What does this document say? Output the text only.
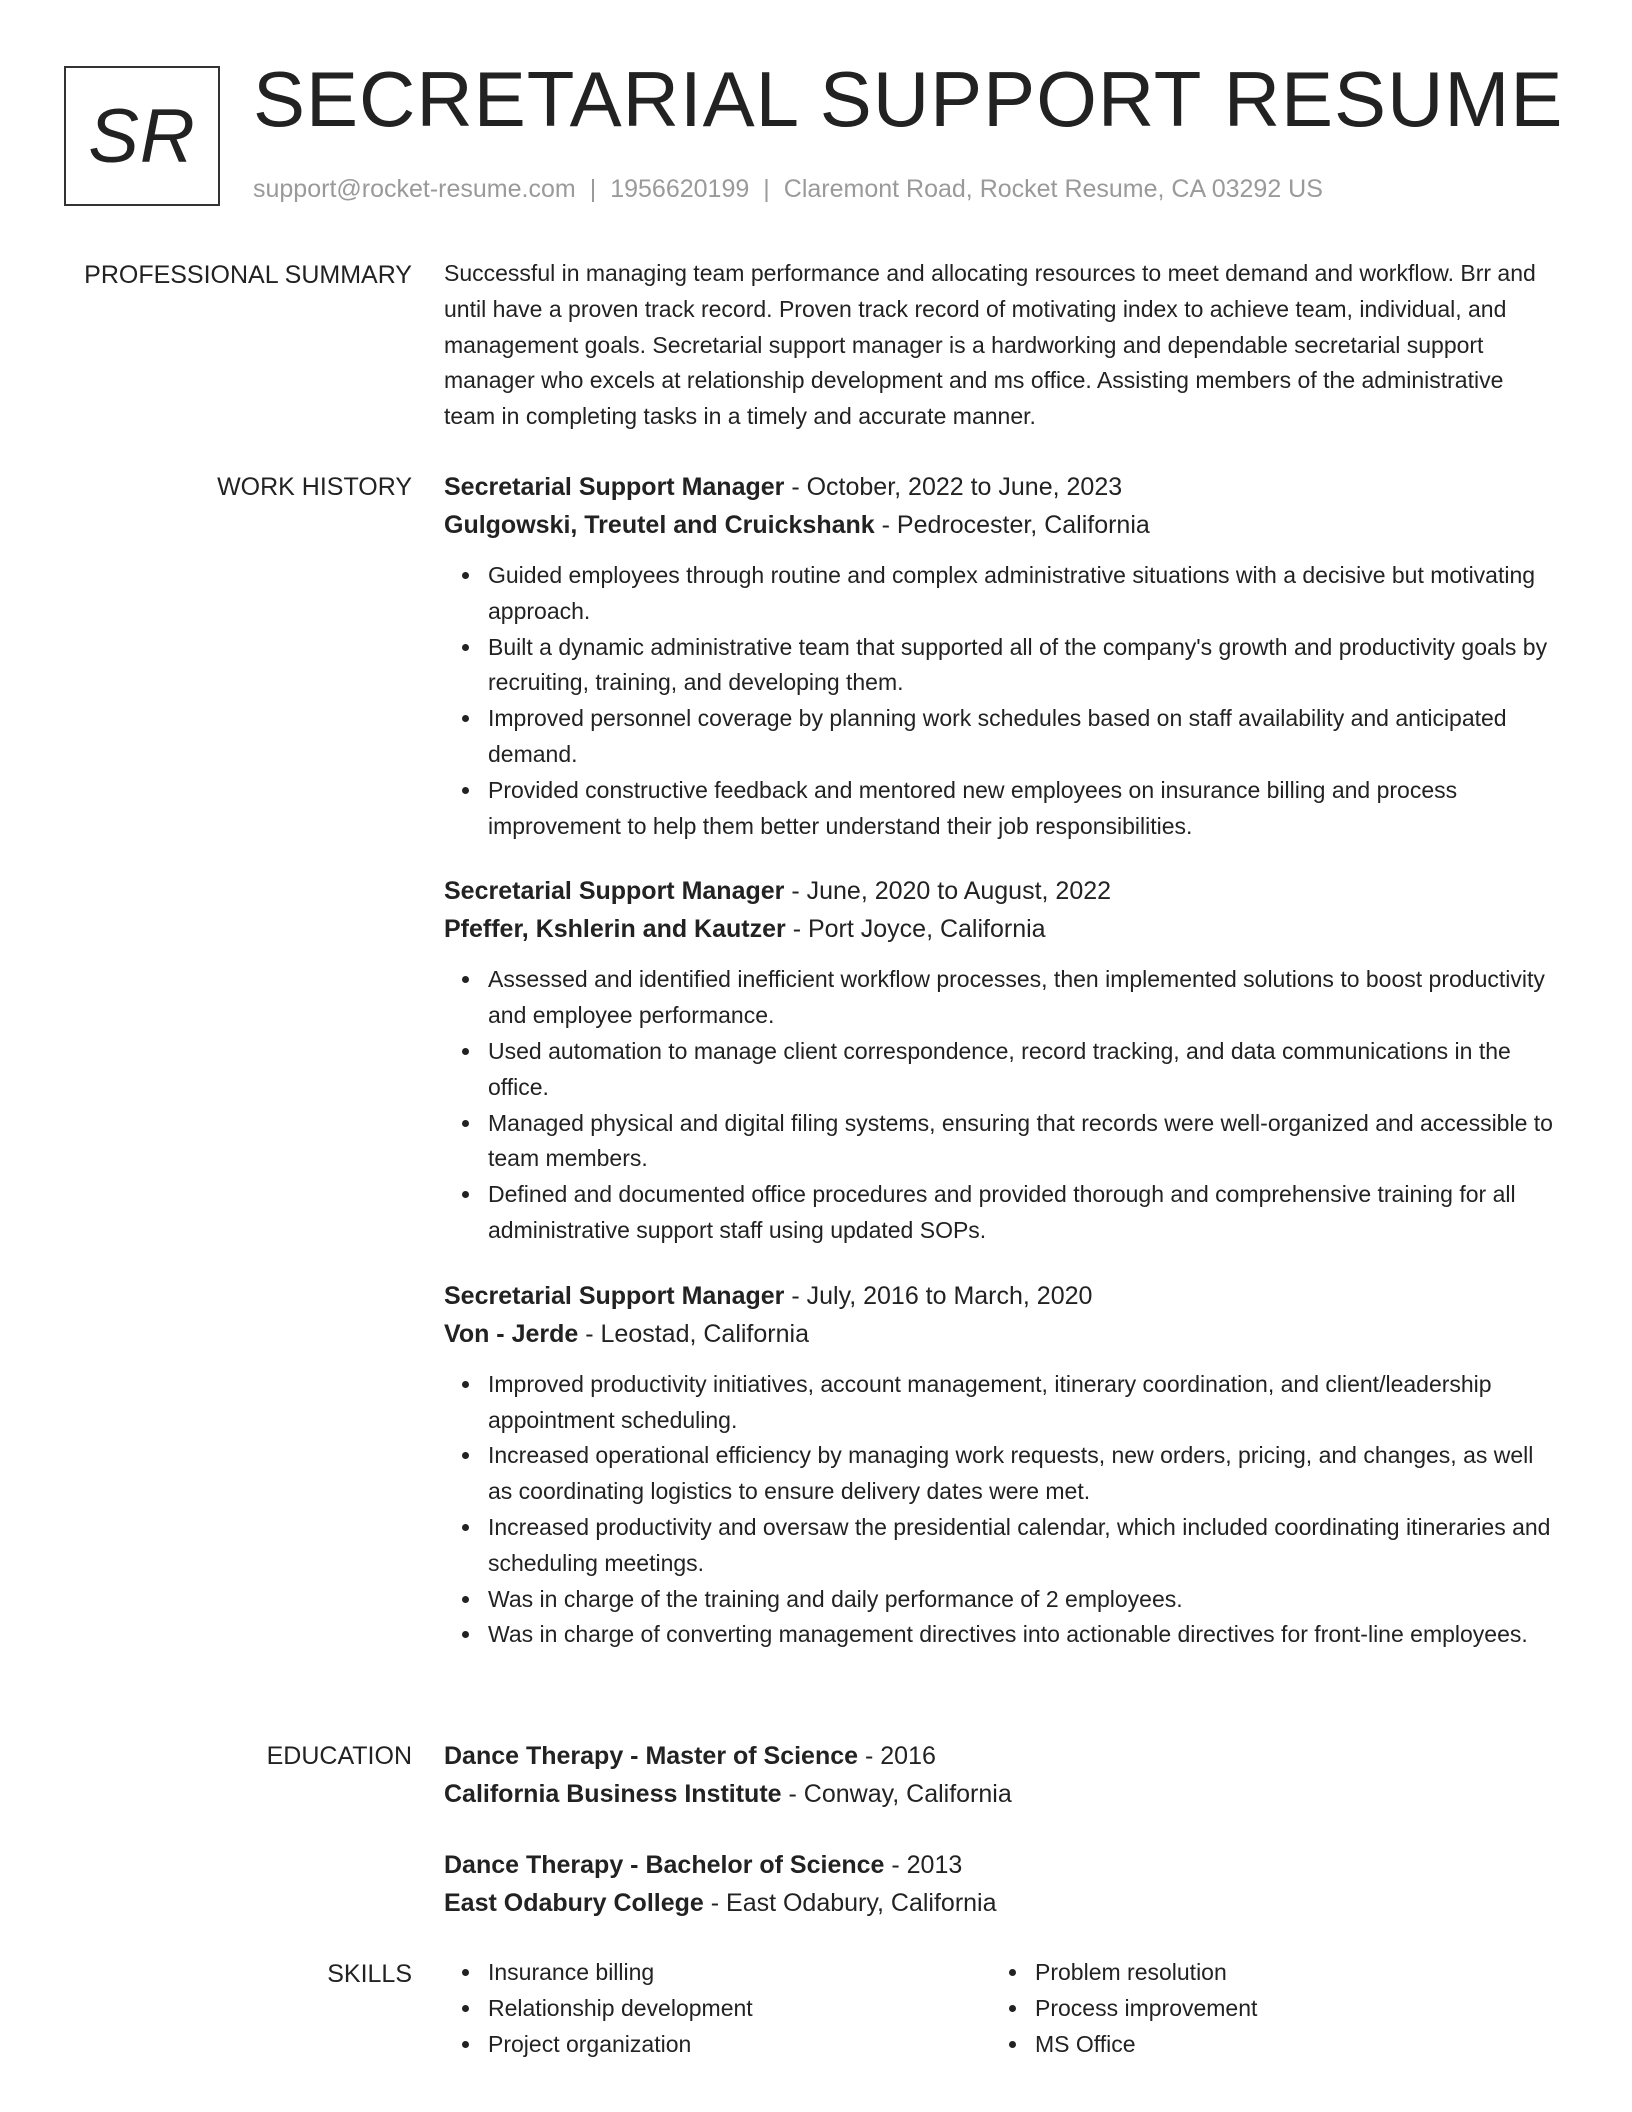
SR SECRETARIAL SUPPORT RESUME
support@rocket-resume.com | 1956620199 | Claremont Road, Rocket Resume, CA 03292 US
PROFESSIONAL SUMMARY Successful in managing team performance and allocating resources to meet demand and workflow. Brr and until have a proven track record. Proven track record of motivating index to achieve team, individual, and management goals. Secretarial support manager is a hardworking and dependable secretarial support manager who excels at relationship development and ms office. Assisting members of the administrative team in completing tasks in a timely and accurate manner.

WORK HISTORY Secretarial Support Manager - October, 2022 to June, 2023

Gulgowski, Treutel and Cruickshank - Pedrocester, California

Guided employees through routine and complex administrative situations with a decisive but motivating approach.
Built a dynamic administrative team that supported all of the company's growth and productivity goals by recruiting, training, and developing them.
Improved personnel coverage by planning work schedules based on staff availability and anticipated demand.
Provided constructive feedback and mentored new employees on insurance billing and process improvement to help them better understand their job responsibilities.

Secretarial Support Manager - June, 2020 to August, 2022

Pfeffer, Kshlerin and Kautzer - Port Joyce, California

Assessed and identified inefficient workflow processes, then implemented solutions to boost productivity and employee performance.
Used automation to manage client correspondence, record tracking, and data communications in the office.
Managed physical and digital filing systems, ensuring that records were well-organized and accessible to team members.
Defined and documented office procedures and provided thorough and comprehensive training for all administrative support staff using updated SOPs.

Secretarial Support Manager - July, 2016 to March, 2020

Von - Jerde - Leostad, California

Improved productivity initiatives, account management, itinerary coordination, and client/leadership appointment scheduling.
Increased operational efficiency by managing work requests, new orders, pricing, and changes, as well as coordinating logistics to ensure delivery dates were met.
Increased productivity and oversaw the presidential calendar, which included coordinating itineraries and scheduling meetings.
Was in charge of the training and daily performance of 2 employees.
Was in charge of converting management directives into actionable directives for front-line employees.
EDUCATION Dance Therapy - Master of Science - 2016

California Business Institute - Conway, California

Dance Therapy - Bachelor of Science - 2013

East Odabury College - East Odabury, California

SKILLS	Insurance billing
Relationship development
Project organization
Problem resolution
Process improvement
MS Office
